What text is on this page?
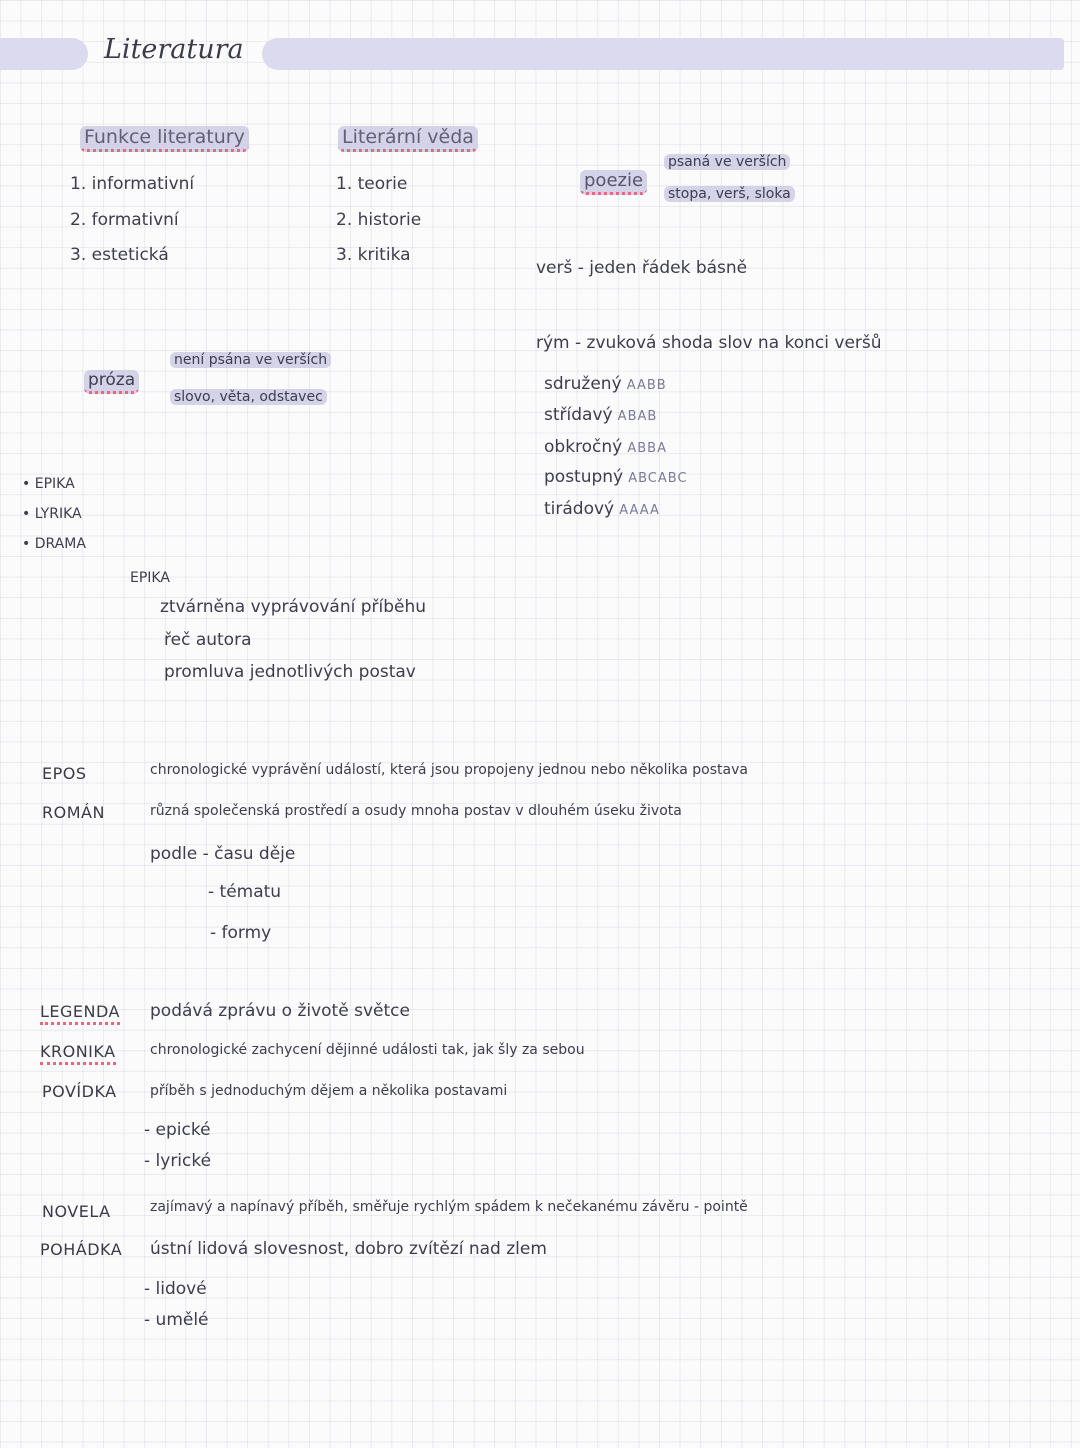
Literatura
Funkce literatury
1. informativní
2. formativní
3. estetická
Literární věda
1. teorie
2. historie
3. kritika
poezie
psaná ve verších
stopa, verš, sloka
verš - jeden řádek básně
rým - zvuková shoda slov na konci veršů
sdružený AABB
střídavý ABAB
obkročný ABBA
postupný ABCABC
tirádový AAAA
próza
není psána ve verších
slovo, věta, odstavec
• EPIKA
• LYRIKA
• DRAMA
EPIKA
ztvárněna vyprávování příběhu
řeč autora
promluva jednotlivých postav
EPOS	chronologické vyprávění událostí, která jsou propojeny jednou nebo několika postava
ROMÁN	různá společenská prostředí a osudy mnoha postav v dlouhém úseku života
podle - času děje
- tématu
- formy
LEGENDA podává zprávu o životě světce
KRONIKA chronologické zachycení dějinné události tak, jak šly za sebou
POVÍDKA příběh s jednoduchým dějem a několika postavami
- epické
- lyrické
NOVELA	zajímavý a napínavý příběh, směřuje rychlým spádem k nečekanému závěru - pointě
POHÁDKA ústní lidová slovesnost, dobro zvítězí nad zlem
- lidové
- umělé
